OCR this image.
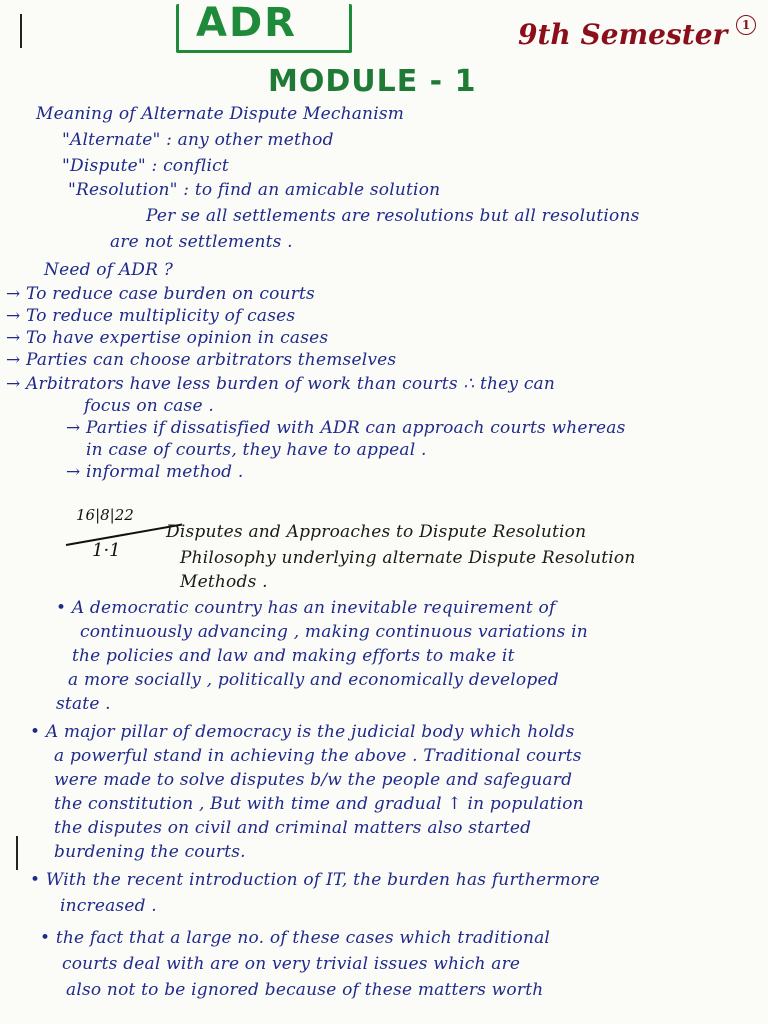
ADR	9th Semester	1
MODULE - 1
Meaning of Alternate Dispute Mechanism
"Alternate" : any other method
"Dispute" : conflict
"Resolution" : to find an amicable solution
Per se all settlements are resolutions but all resolutions
are not settlements .
Need of ADR ?
→ To reduce case burden on courts
→ To reduce multiplicity of cases
→ To have expertise opinion in cases
→ Parties can choose arbitrators themselves
→ Arbitrators have less burden of work than courts ∴ they can
focus on case .
→ Parties if dissatisfied with ADR can approach courts whereas
in case of courts, they have to appeal .
→ informal method .
16|8|22
1·1
Disputes and Approaches to Dispute Resolution
Philosophy underlying alternate Dispute Resolution
Methods .
• A democratic country has an inevitable requirement of
continuously advancing , making continuous variations in
the policies and law and making efforts to make it
a more socially , politically and economically developed
state .
• A major pillar of democracy is the judicial body which holds
a powerful stand in achieving the above . Traditional courts
were made to solve disputes b/w the people and safeguard
the constitution , But with time and gradual ↑ in population
the disputes on civil and criminal matters also started
burdening the courts.
• With the recent introduction of IT, the burden has furthermore
increased .
• the fact that a large no. of these cases which traditional
courts deal with are on very trivial issues which are
also not to be ignored because of these matters worth
